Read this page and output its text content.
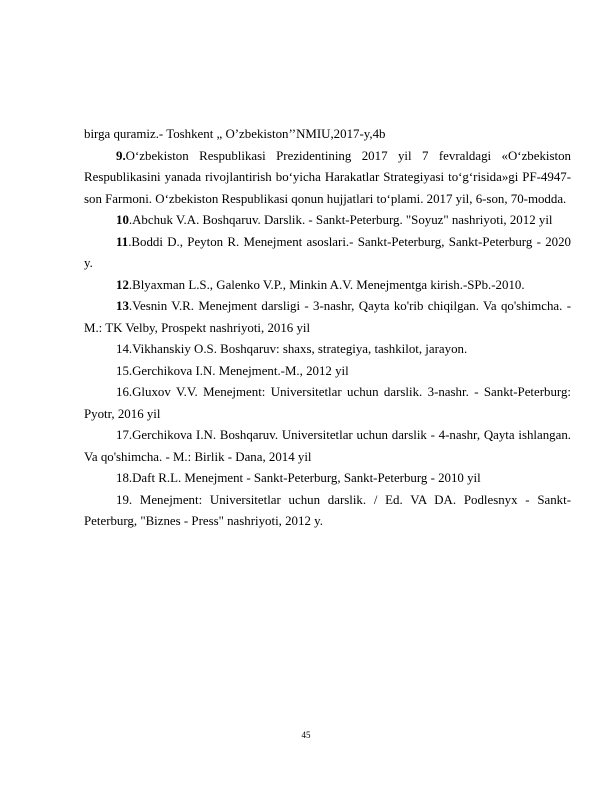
birga quramiz.- Toshkent „ O’zbekiston’’NMIU,2017-y,4b

9.O‘zbekiston Respublikasi Prezidentining 2017 yil 7 fevraldagi «O‘zbekiston Respublikasini yanada rivojlantirish bo‘yicha Harakatlar Strategiyasi to‘g‘risida»gi PF-4947-son Farmoni. O‘zbekiston Respublikasi qonun hujjatlari to‘plami. 2017 yil, 6-son, 70-modda.

10.Abchuk V.A. Boshqaruv. Darslik. - Sankt-Peterburg. "Soyuz" nashriyoti, 2012 yil

11.Boddi D., Peyton R. Menejment asoslari.- Sankt-Peterburg, Sankt-Peterburg - 2020 y.

12.Blyaxman L.S., Galenko V.P., Minkin A.V. Menejmentga kirish.-SPb.-2010.

13.Vesnin V.R. Menejment darsligi - 3-nashr, Qayta ko'rib chiqilgan. Va qo'shimcha. - M.: TK Velby, Prospekt nashriyoti, 2016 yil

14.Vikhanskiy O.S. Boshqaruv: shaxs, strategiya, tashkilot, jarayon.

15.Gerchikova I.N. Menejment.-M., 2012 yil

16.Gluxov V.V. Menejment: Universitetlar uchun darslik. 3-nashr. - Sankt-Peterburg: Pyotr, 2016 yil

17.Gerchikova I.N. Boshqaruv. Universitetlar uchun darslik - 4-nashr, Qayta ishlangan. Va qo'shimcha. - M.: Birlik - Dana, 2014 yil

18.Daft R.L. Menejment - Sankt-Peterburg, Sankt-Peterburg - 2010 yil

19. Menejment: Universitetlar uchun darslik. / Ed. VA DA. Podlesnyx - Sankt-Peterburg, "Biznes - Press" nashriyoti, 2012 y.

45
